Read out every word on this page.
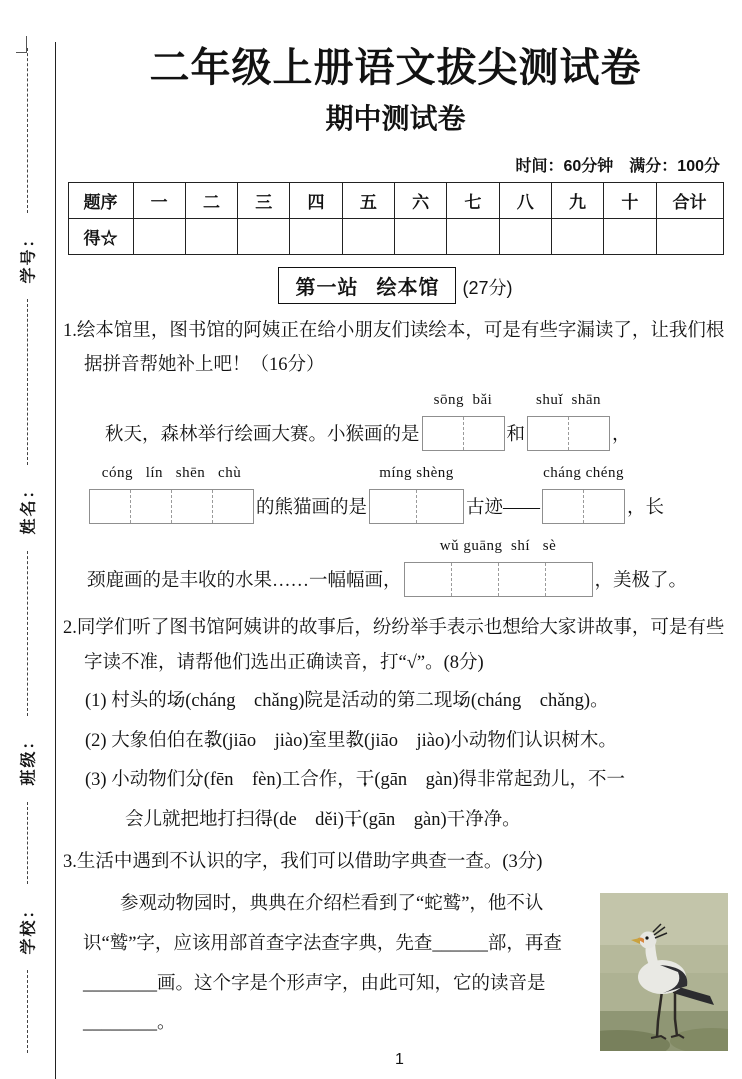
学号：
姓名：
班级：
学校：
二年级上册语文拔尖测试卷
期中测试卷
时间：60分钟　满分：100分
题序	一	二	三	四	五	六	七	八	九	十	合计
得☆											
第一站 绘本馆 (27分)

1.绘本馆里，图书馆的阿姨正在给小朋友们读绘本，可是有些字漏读了，让我们根据拼音帮她补上吧！（16分）

秋天，森林举行绘画大赛。小猴画的是
sōng  bǎi
和
shuǐ  shān
，
cóng   lín   shēn   chù
的熊猫画的是
míng shèng
古迹——
cháng chéng
，长
颈鹿画的是丰收的水果……一幅幅画，
wǔ guāng  shí   sè
，美极了。

2.同学们听了图书馆阿姨讲的故事后，纷纷举手表示也想给大家讲故事，可是有些字读不准，请帮他们选出正确读音，打“√”。(8分)

(1) 村头的场 •(cháng　chǎng)院是活动的第二现场 •(cháng　chǎng)。

(2) 大象伯伯在教 •(jiāo　jiào)室里教 •(jiāo　jiào)小动物们认识树木。

(3) 小动物们分 •(fēn　fèn)工合作，干 •(gān　gàn)得非常起劲儿，不一

会儿就把地打扫得 •(de　děi)干 •(gān　gàn)干净净。

3.生活中遇到不认识的字，我们可以借助字典查一查。(3分)

参观动物园时，典典在介绍栏看到了“蛇鹫”，他不认识“鹫”字，应该用部首查字法查字典，先查______部，再查________画。这个字是个形声字，由此可知，它的读音是________。
1
